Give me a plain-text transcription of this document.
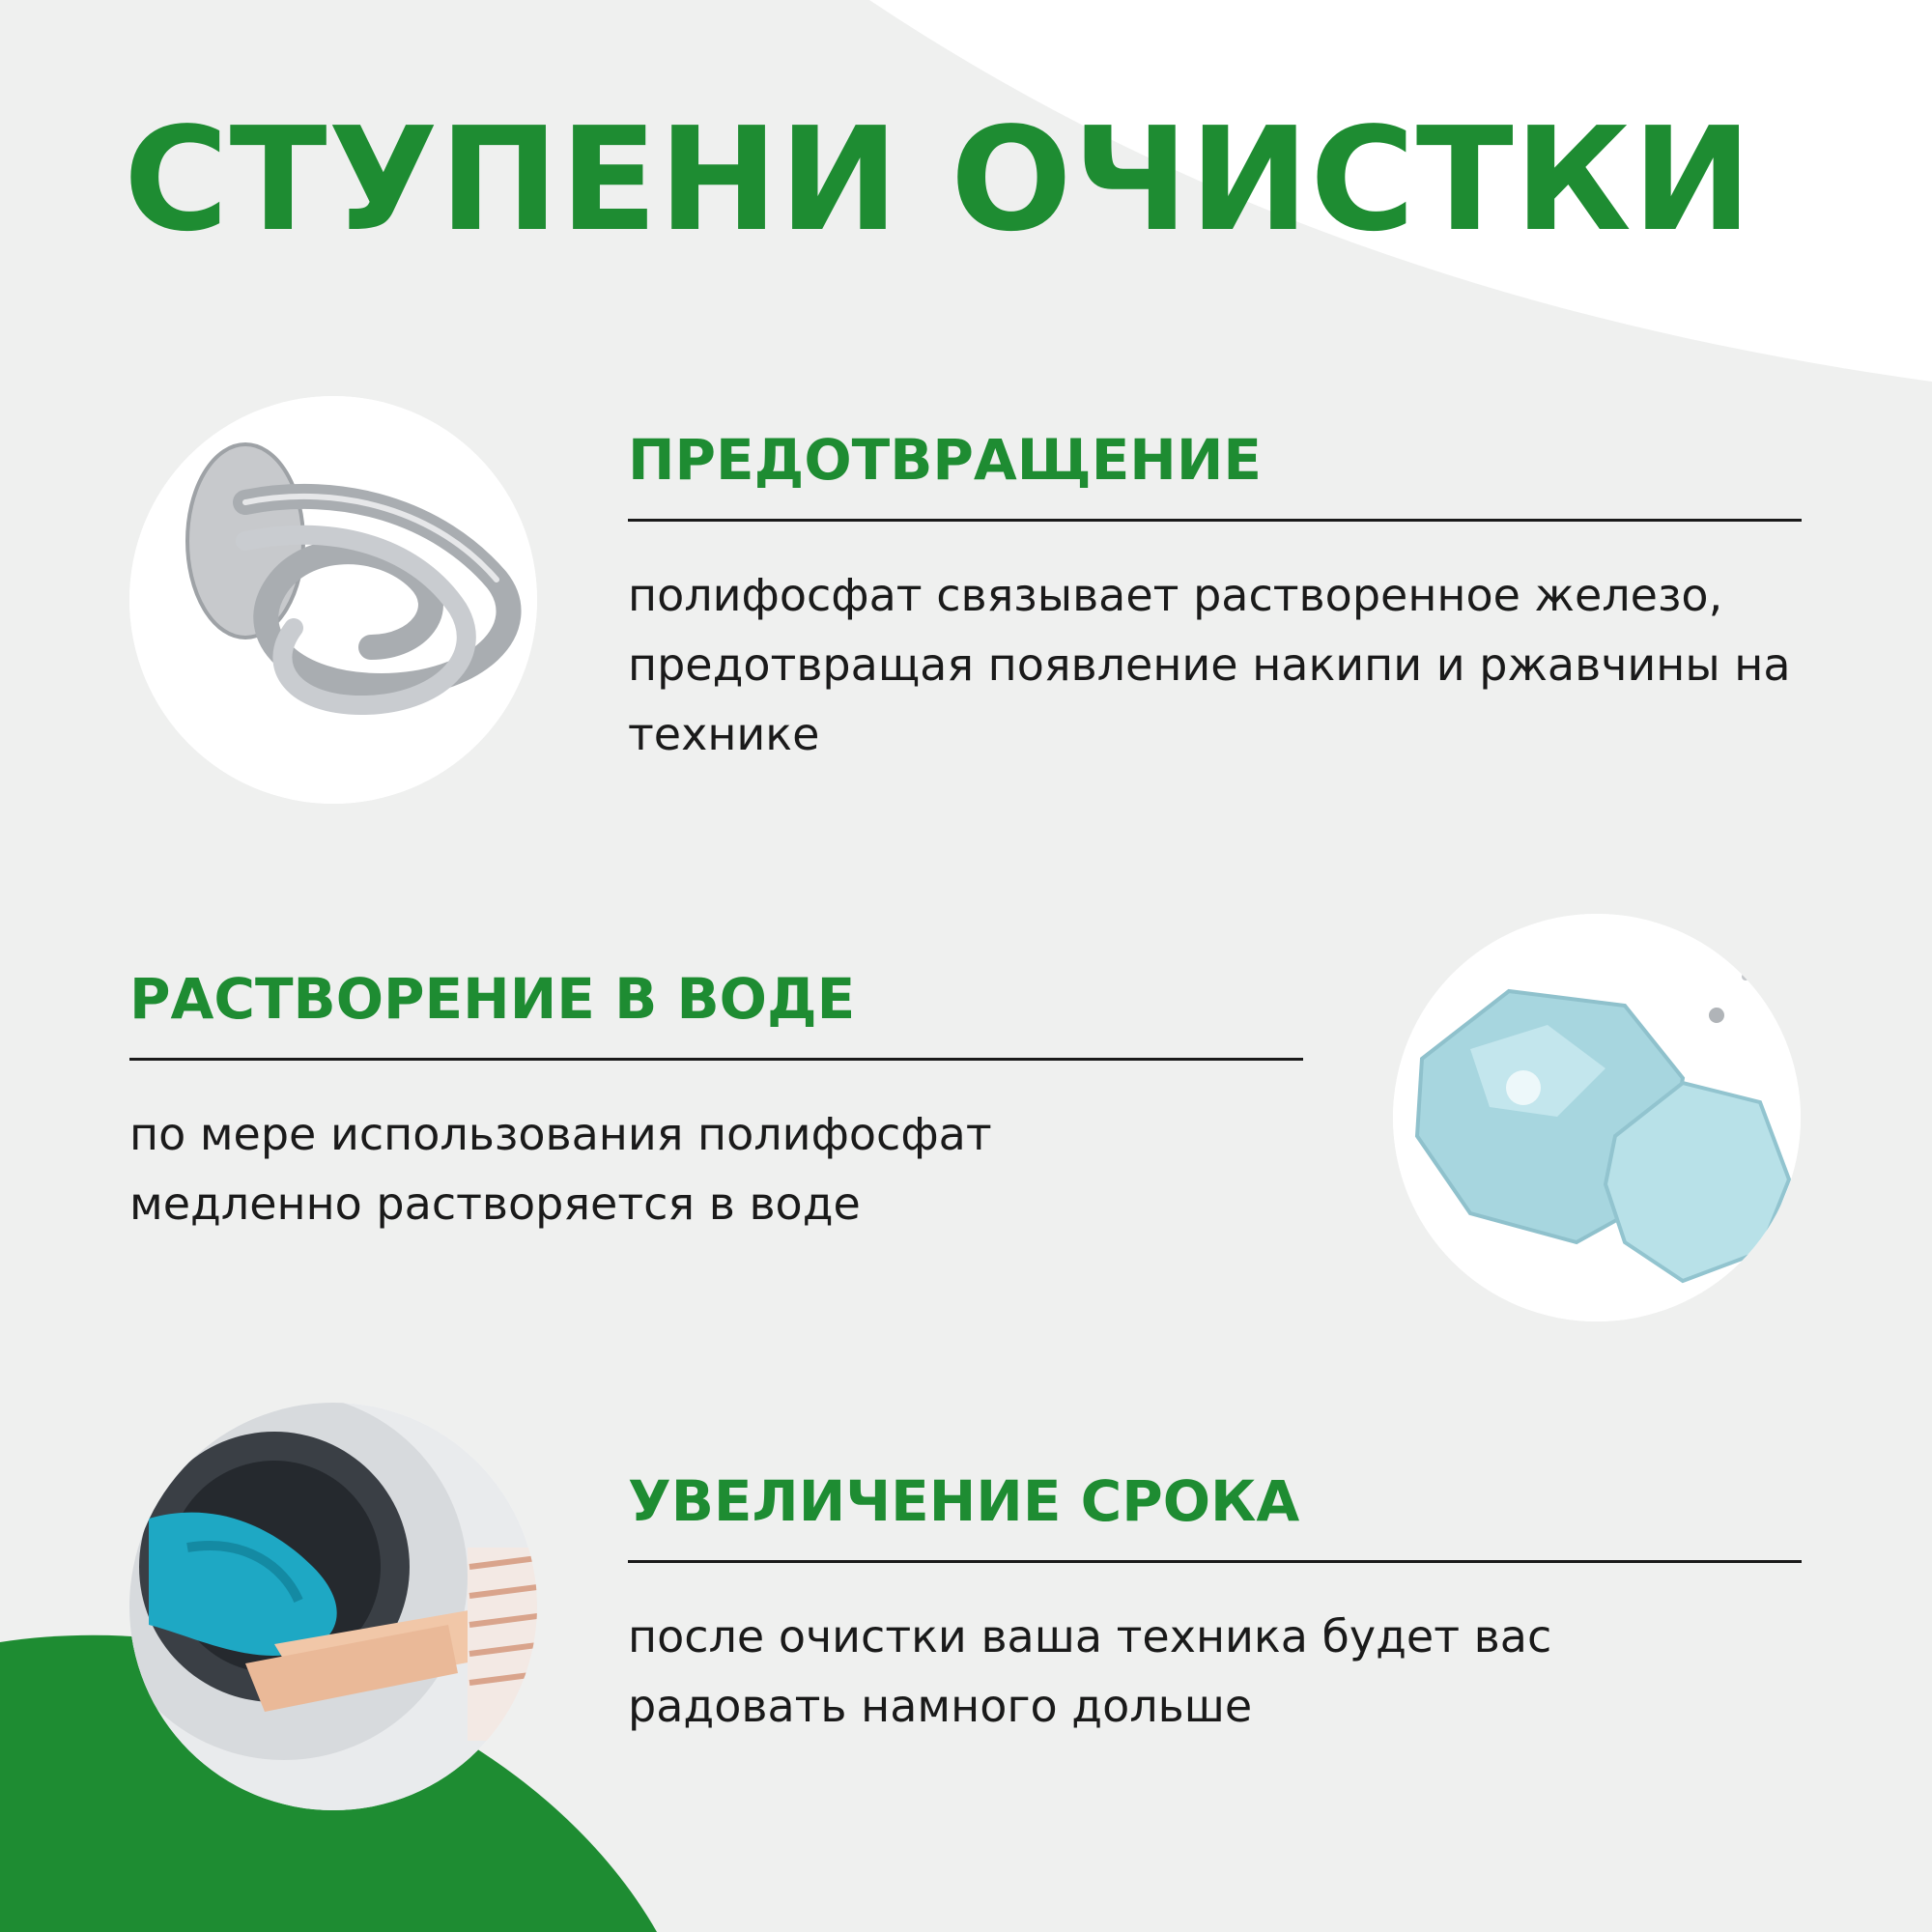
СТУПЕНИ ОЧИСТКИ
ПРЕДОТВРАЩЕНИЕ

полифосфат связывает растворенное железо, предотвращая появление накипи и ржавчины на технике

РАСТВОРЕНИЕ В ВОДЕ

по мере использования полифосфат медленно растворяется в воде

УВЕЛИЧЕНИЕ СРОКА

после очистки ваша техника будет вас радовать намного дольше
